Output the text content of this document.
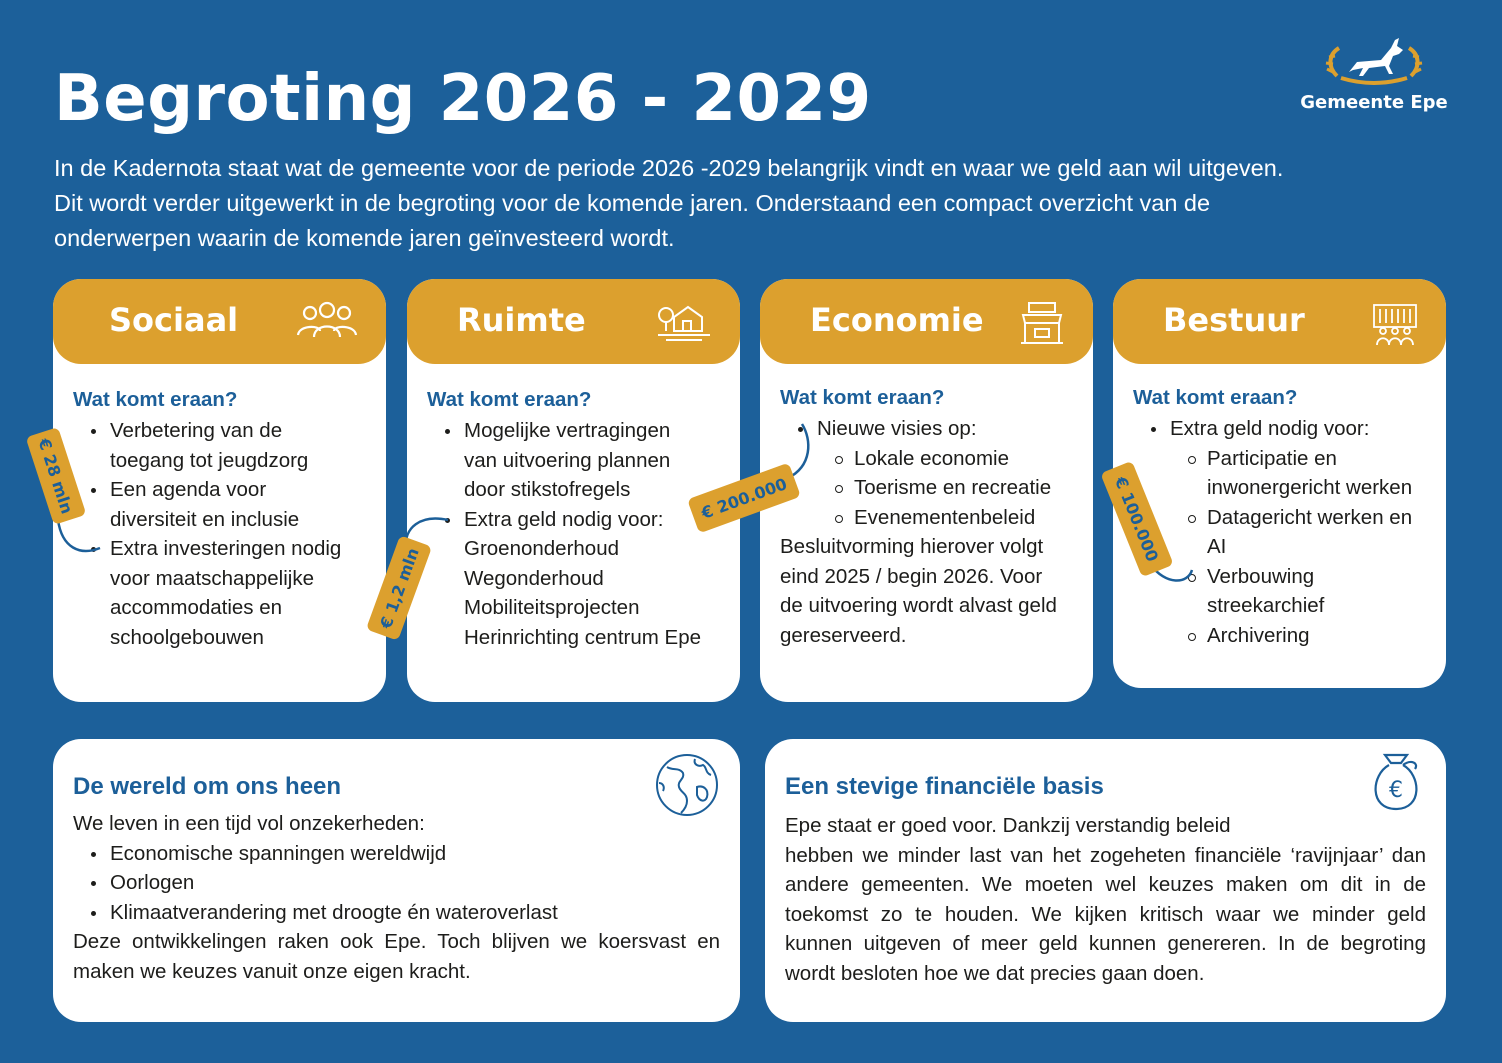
Begroting 2026 - 2029	Gemeente Epe

In de Kadernota staat wat de gemeente voor de periode 2026 -2029 belangrijk vindt en waar we geld aan wil uitgeven.

Dit wordt verder uitgewerkt in de begroting voor de komende jaren. Onderstaand een compact overzicht van de

onderwerpen waarin de komende jaren geïnvesteerd wordt.

Sociaal
Wat komt eraan?
Verbetering van de
toegang tot jeugdzorg
Een agenda voor
diversiteit en inclusie
Extra investeringen nodig
voor maatschappelijke
accommodaties en
schoolgebouwen
Ruimte
Wat komt eraan?
Mogelijke vertragingen
van uitvoering plannen
door stikstofregels
Extra geld nodig voor:
Groenonderhoud
Wegonderhoud
Mobiliteitsprojecten
Herinrichting centrum Epe
Economie
Wat komt eraan?
Nieuwe visies op:
Lokale economie
Toerisme en recreatie
Evenementenbeleid
Besluitvorming hierover volgt
eind 2025 / begin 2026. Voor
de uitvoering wordt alvast geld
gereserveerd.
Bestuur
Wat komt eraan?
Extra geld nodig voor:
Participatie en
inwonergericht werken
Datagericht werken en
AI
Verbouwing
streekarchief
Archivering
€ 28 mln
€ 1,2 mln
€ 200.000	€ 100.000
De wereld om ons heen
We leven in een tijd vol onzekerheden:
Economische spanningen wereldwijd
Oorlogen
Klimaatverandering met droogte én wateroverlast
Deze ontwikkelingen raken ook Epe. Toch blijven we koersvast en maken we keuzes vanuit onze eigen kracht.
Een stevige financiële basis	€
Epe staat er goed voor. Dankzij verstandig beleid
hebben we minder last van het zogeheten financiële ‘ravijnjaar’ dan andere gemeenten. We moeten wel keuzes maken om dit in de toekomst zo te houden. We kijken kritisch waar we minder geld kunnen uitgeven of meer geld kunnen genereren. In de begroting wordt besloten hoe we dat precies gaan doen.
